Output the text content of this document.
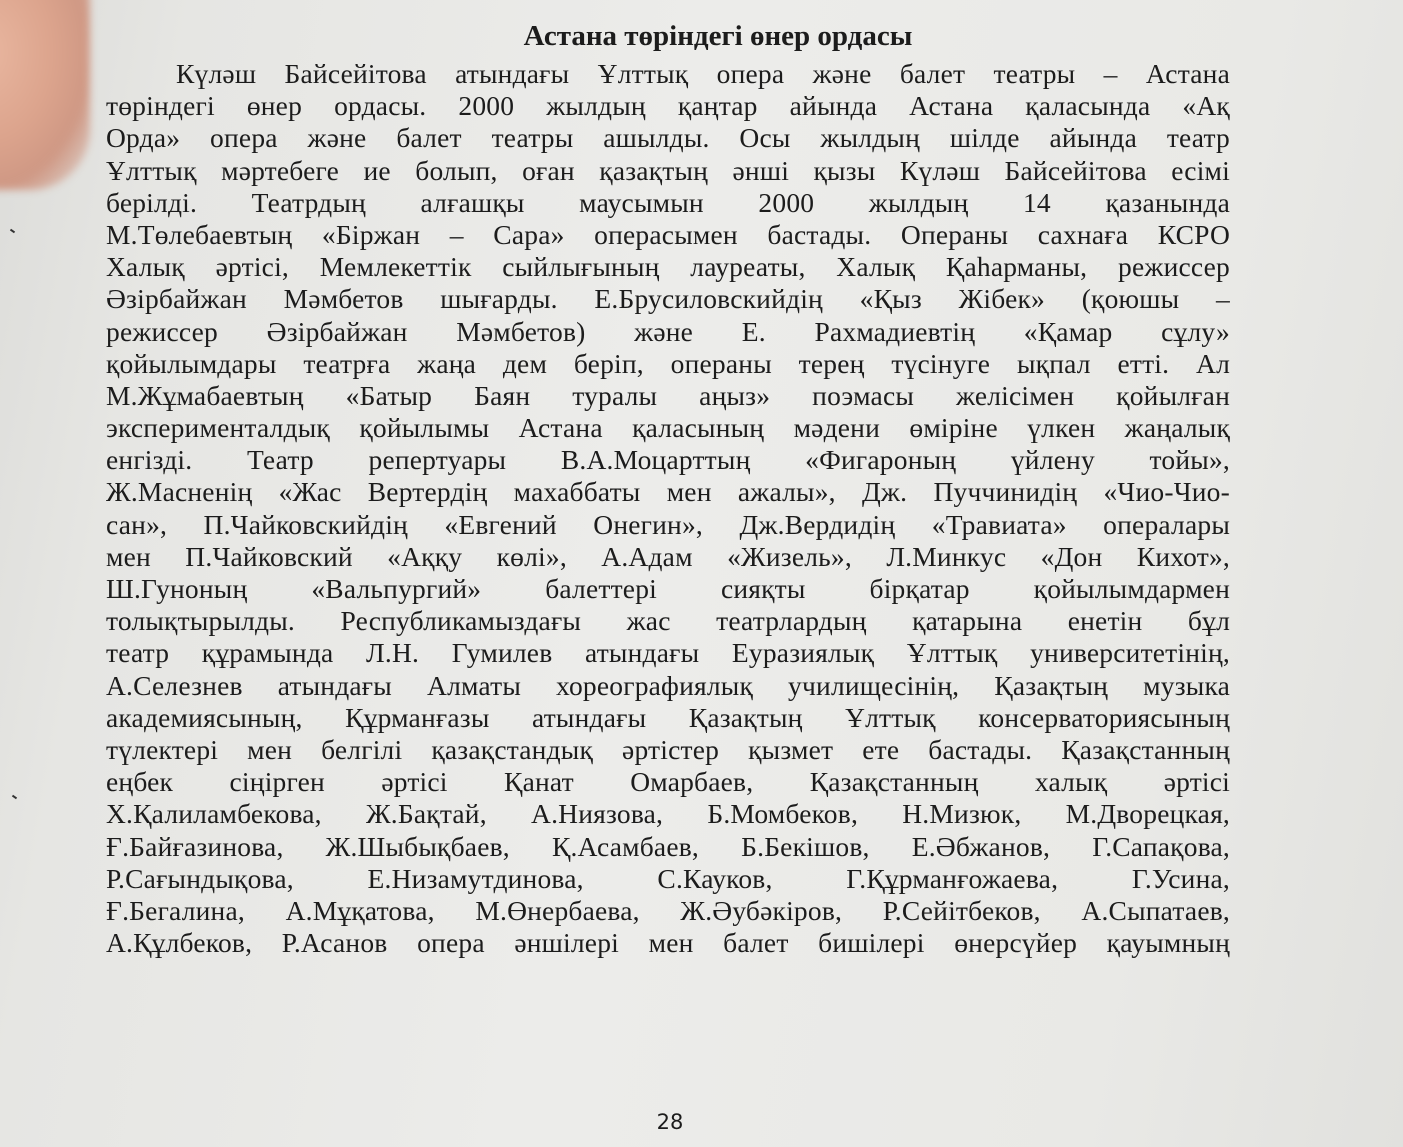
Астана төріндегі өнер ордасы
Күләш Байсейітова атындағы Ұлттық опера және балет театры – Астана
төріндегі өнер ордасы. 2000 жылдың қаңтар айында Астана қаласында «Ақ
Орда» опера және балет театры ашылды. Осы жылдың шілде айында театр
Ұлттық мәртебеге ие болып, оған қазақтың әнші қызы Күләш Байсейітова есімі
берілді. Театрдың алғашқы маусымын 2000 жылдың 14 қазанында
М.Төлебаевтың «Біржан – Сара» операсымен бастады. Операны сахнаға КСРО
Халық әртісі, Мемлекеттік сыйлығының лауреаты, Халық Қаһарманы, режиссер
Әзірбайжан Мәмбетов шығарды. Е.Брусиловскийдің «Қыз Жібек» (қоюшы –
режиссер Әзірбайжан Мәмбетов) және Е. Рахмадиевтің «Қамар сұлу»
қойылымдары театрға жаңа дем беріп, операны терең түсінуге ықпал етті. Ал
М.Жұмабаевтың «Батыр Баян туралы аңыз» поэмасы желісімен қойылған
эксперименталдық қойылымы Астана қаласының мәдени өміріне үлкен жаңалық
енгізді. Театр репертуары В.А.Моцарттың «Фигароның үйлену тойы»,
Ж.Масненің «Жас Вертердің махаббаты мен ажалы», Дж. Пуччинидің «Чио-Чио-
сан», П.Чайковскийдің «Евгений Онегин», Дж.Вердидің «Травиата» опералары
мен П.Чайковский «Аққу көлі», А.Адам «Жизель», Л.Минкус «Дон Кихот»,
Ш.Гунoның «Вальпургий» балеттері сияқты бірқатар қойылымдармен
толықтырылды. Республикамыздағы жас театрлардың қатарына енетін бұл
театр құрамында Л.Н. Гумилев атындағы Еуразиялық Ұлттық университетінің,
А.Селезнев атындағы Алматы хореографиялық училищесінің, Қазақтың музыка
академиясының, Құрманғазы атындағы Қазақтың Ұлттық консерваториясының
түлектері мен белгілі қазақстандық әртістер қызмет ете бастады. Қазақстанның
еңбек сіңірген әртісі Қанат Омарбаев, Қазақстанның халық әртісі
Х.Қалиламбекова, Ж.Бақтай, А.Ниязова, Б.Момбеков, Н.Мизюк, М.Дворецкая,
Ғ.Байғазинова, Ж.Шыбықбаев, Қ.Асамбаев, Б.Бекішов, Е.Әбжанов, Г.Сапақова,
Р.Сағындықова, Е.Низамутдинова, С.Кауков, Г.Құрманғожаева, Г.Усина,
Ғ.Бегалина, А.Мұқатова, М.Өнербаева, Ж.Әубәкіров, Р.Сейітбеков, А.Сыпатаев,
А.Құлбеков, Р.Асанов опера әншілері мен балет бишілері өнерсүйер қауымның
28
